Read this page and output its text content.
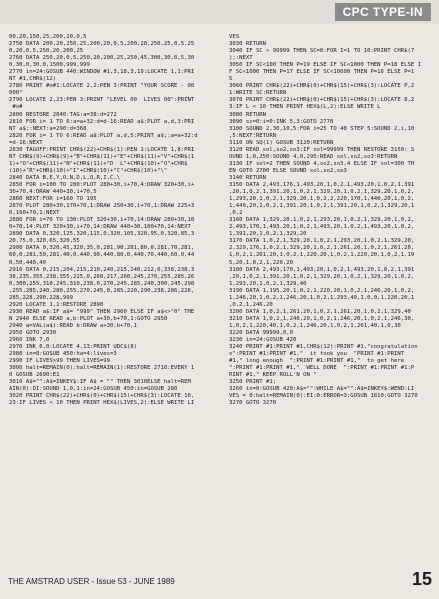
CPC TYPE-IN
00,20,150,25,200,20,0,5
2750 DATA 200,20,250,25,200,20,0,5,200,20,250,25,0,5,25
0,20,0,5,250,20,200,25
2760 DATA 250,20,0,5,250,20,200,25,250,45,300,30,0,5,30
0,30,0,30,0,1500,999,999
2770 in=24:GOSUB 440:WINDOW #1,3,18,3,19:LOCATE 1,1:PRI
NT #1,CHR$(12)
2780 PRINT #o#1:LOCATE 2,2:PEN 3:PRINT "YOUR SCORE - 00
000"
2790 LOCATE 2,23:PEN 3:PRINT "LEVEL 00  LIVES 00":PRINT
#o#
2800 RESTORE 2840:TAG:a=38:d=272
2810 FOR i= 1 TO 6:a=a+32:d=d-16:READ a$:PLOT a,d,3:PRI
NT a$;:NEXT:a=290:d=368
2820 FOR i= 1 TO 6:READ a$:PLOT a,d,5:PRINT a$;:a=a+32:d
=d-16:NEXT
2830 TAGOFF:PRINT CHR$(22)+CHR$(1):PEN 1:LOCATE 1,8:PRI
NT CHR$(9)+CHR$(9)+"B"+CHR$(11)+"E"+CHR$(11)+"V"+CHR$(1
1)+"O"+CHR$(11)+"N"+CHR$(11)+"D  L"+CHR$(10)+"O"+CHR$
(10)+"R"+CHR$(10)+"I"+CHR$(10)+"C"+CHR$(10)+"\"
2840 DATA B,E,Y,O,N,D,L,O,R,I,C,\
2850 FOR i=100 TO 280:PLOT 280+30,i+70,4:DRAW 320+30,i+
30+70,4:DRAW 440+30,i+70,5
2860 NEXT:FOR i=160 TO 195
2870 PLOT 280+30,170+70,1:DRAW 250+30,i+70,1:DRAW 225+3
0,160+70,1:NEXT
2880 FOR i=70 TO 130:PLOT 320+30,i+70,14:DRAW 280+30,10
0+70,14:PLOT 320+30,i+70,14:DRAW 440+30,100+70,14:NEXT
2890 DATA 0,320,125,320,115,0,320,105,320,95,0,320,85,3
20,75,0,320,65,320,55
2900 DATA 0,320,45,320,35,0,281,90,281,80,0,281,70,281,
60,0,281,50,281,40,0,440,90,440,80,0,440,70,440,60,0,44
0,50,440,40
2910 DATA 0,215,204,215,210,240,215,240,212,0,338,238,3
38,235,355,238,355,225,0,260,217,260,245,270,255,285,26
0,300,255,310,245,310,238,0,270,245,285,240,300,245,290
,255,285,240,280,255,270,245,0,285,220,290,238,286,226,
285,228,290,228,999
2920 LOCATE 1,1:RESTORE 2890
2930 READ a$:IF a$= "999" THEN 2960 ELSE IF a$<>"0" THE
N 2940 ELSE READ a,b:PLOT a+30,b+70,1:GOTO 2950
2940 a=VAL(a$):READ b:DRAW a+30,b+70,1
2950 GOTO 2930
2960 INK 7,0
2970 INK 6,0:LOCATE 4,13:PRINT UDC$(8)
2980 in=8:GOSUB 450:ha=4:lives=3
2990 IF LIVES>99 THEN LIVES=99
3000 halt=REMAIN(0):halt=REMAIN(1):RESTORE 2710:EVERY 1
0 GOSUB 2690:E1
3010 A$="":A$=INKEY$:IF A$ = "" THEN 3010ELSE halt=REM
AIN(0):DI:SOUND 1,0,1:in=24:GOSUB 450:in=GOSUB 280
3020 PRINT CHR$(22)+CHR$(0)+CHR$(15)+CHR$(3):LOCATE 10,
23:IF LIVES < 10 THEN PRINT HEX$(LIVES,2):ELSE WRITE LI
VES
3030 RETURN
3040 IF SC > 99999 THEN SC=0:FOR I=1 TO 10:PRINT CHR$(7
);:NEXT
3050 IF SC<100 THEN P=19 ELSE IF SC<1000 THEN P=18 ELSE I
F SC<1000 THEN P=17 ELSE IF SC<10000 THEN P=16 ELSE P=1
5
3060 PRINT CHR$(22)+CHR$(0)+CHR$(15)+CHR$(3):LOCATE P,2
1:WRITE SC:RETURN
3070 PRINT CHR$(22)+CHR$(0)+CHR$(15)+CHR$(3):LOCATE 8,2
3:IF L < 10 THEN PRINT HEX$(L,2):ELSE WRITE L
3080 RETURN
3090 sc=0:i=0:INK 5,3:GOTO 2770
3100 SOUND 2,30,10,5:FOR i=25 TO 40 STEP 5:SOUND 2,i,10
,5:NEXT:RETURN
3110 ON SQ(1) GOSUB 3120:RETURN
3120 READ sol,so2,so3:IF sol=99999 THEN RESTORE 3150: S
OUND 1,0,250:SOUND 4,0,295:READ sol,so2,so3:RETURN
3130 IF sol=2 THEN SOUND 4,so2,so3,4 ELSE IF sol=300 TH
EN GOTO 2700 ELSE SOUND sol,so2,so3
3140 RETURN
3150 DATA 2,493,176,1,493,20,1,0,2,1,493,20,1,0,2,1,391
,20,1,0,2,1,391,20,1,0,2,1,329,20,1,0,2,1,329,20,1,0,2,
1,293,20,1,0,2,1,329,20,1,0,2,2,220,170,1,440,20,1,0,2,
1,440,20,1,0,2,1,391,20,1,0,2,1,391,20,1,0,2,1,329,20,1
,0,2
3160 DATA 1,329,20,1,0,2,1,293,20,1,0,2,1,329,20,1,0,2,
2,493,170,1,493,20,1,0,2,1,493,20,1,0,2,1,493,20,1,0,2,
1,391,20,1,0,2,1,329,20
3170 DATA 1,0,2,1,329,20,1,0,2,1,293,20,1,0,2,1,329,20,
2,329,176,1,0,2,1,329,20,1,0,2,1,261,20,1,0,2,1,261,20,
1,0,2,1,261,20,1,0,2,1,220,20,1,0,2,1,220,20,1,0,2,1,19
5,20,1,0,2,1,220,20
3180 DATA 2,493,170,1,493,20,1,0,2,1,493,20,1,0,2,1,391
,20,1,0,2,1,391,20,1,0,2,1,329,20,1,0,2,1,329,20,1,0,2,
1,293,20,1,0,2,1,329,40
3190 DATA 1,195,20,1,0,2,1,220,20,1,0,2,1,246,20,1,0,2,
1,246,20,1,0,2,1,246,20,1,0,2,1,293,40,1,0,0,1,220,20,1
,0,2,1,246,20
3200 DATA 1,0,2,1,261,20,1,0,2,1,261,20,1,0,2,1,329,40
3210 DATA 1,0,2,1,246,20,1,0,2,1,246,20,1,0,2,1,246,30,
1,0,2,1,220,40,1,0,2,1,246,20,1,0,2,1,261,40,1,0,30
3220 DATA 99999,0,0
3230 in=24:GOSUB 420
3240 PRINT #1:PRINT #1,CHR$(12):PRINT #1,"congratulation
s":PRINT #1:PRINT #1,"  it took you  "PRINT #1:PRINT
#1," long enough  ":PRINT #1:PRINT #1,"  to get here
":PRINT #1:PRINT #1,"  WELL DONE  ":PRINT #1:PRINT #1:P
RINT #1," KEEP ROLL'N ON "
3250 PRINT #1;
3260 in=0:GOSUB 420:A$="":WHILE A$="":A$=INKEY$:WEND:LI
VES = 0:halt=REMAIN(0):EI:0:ERROR=3:GOSUB 1810:GOTO 3270
3270 GOTO 3270
THE AMSTRAD USER - Issue 53 - JUNE 1989	15
